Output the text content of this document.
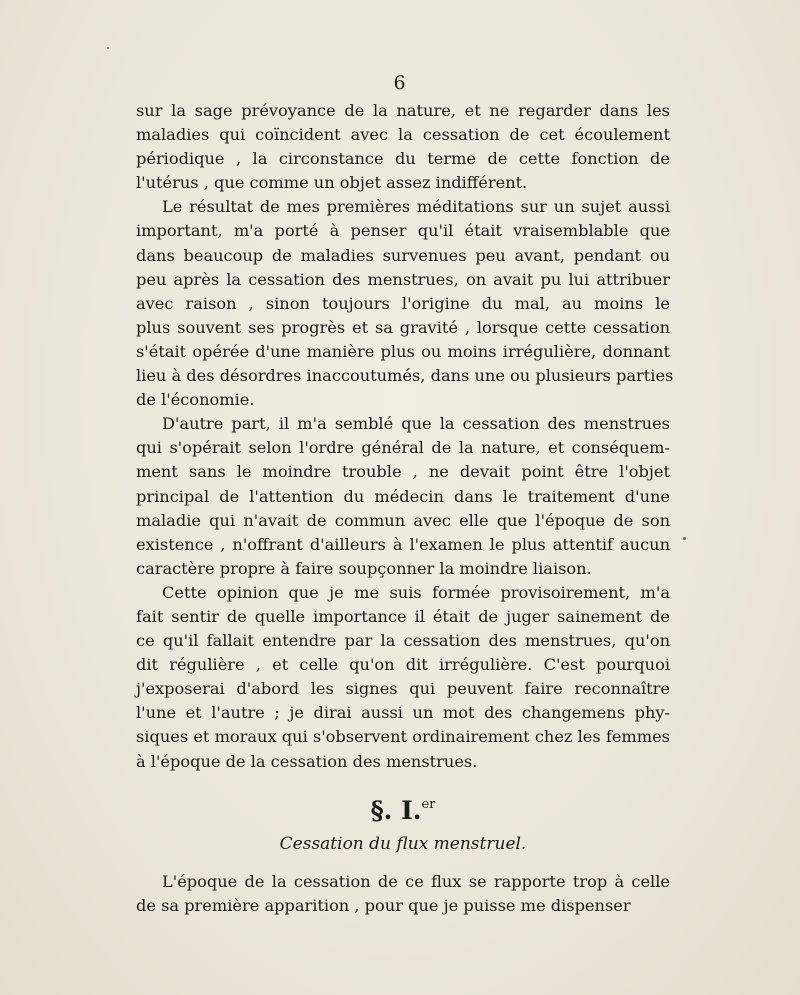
6

sur la sage prévoyance de la nature, et ne regarder dans les
maladies qui coïncident avec la cessation de cet écoulement
périodique , la circonstance du terme de cette fonction de
l'utérus , que comme un objet assez indifférent.

Le résultat de mes premières méditations sur un sujet aussi
important, m'a porté à penser qu'il était vraisemblable que
dans beaucoup de maladies survenues peu avant, pendant ou
peu après la cessation des menstrues, on avait pu lui attribuer
avec raison , sinon toujours l'origine du mal, au moins le
plus souvent ses progrès et sa gravité , lorsque cette cessation
s'était opérée d'une manière plus ou moins irrégulière, donnant
lieu à des désordres inaccoutumés, dans une ou plusieurs parties
de l'économie.

D'autre part, il m'a semblé que la cessation des menstrues
qui s'opérait selon l'ordre général de la nature, et conséquem-
ment sans le moindre trouble , ne devait point être l'objet
principal de l'attention du médecin dans le traitement d'une
maladie qui n'avait de commun avec elle que l'époque de son
existence , n'offrant d'ailleurs à l'examen le plus attentif aucun
caractère propre à faire soupçonner la moindre liaison.

Cette opinion que je me suis formée provisoirement, m'a
fait sentir de quelle importance il était de juger sainement de
ce qu'il fallait entendre par la cessation des menstrues, qu'on
dit régulière , et celle qu'on dit irrégulière. C'est pourquoi
j'exposerai d'abord les signes qui peuvent faire reconnaître
l'une et l'autre ; je dirai aussi un mot des changemens phy-
siques et moraux qui s'observent ordinairement chez les femmes
à l'époque de la cessation des menstrues.

§. I.$^{er}$

Cessation du flux menstruel.

L'époque de la cessation de ce flux se rapporte trop à celle
de sa première apparition , pour que je puisse me dispenser
